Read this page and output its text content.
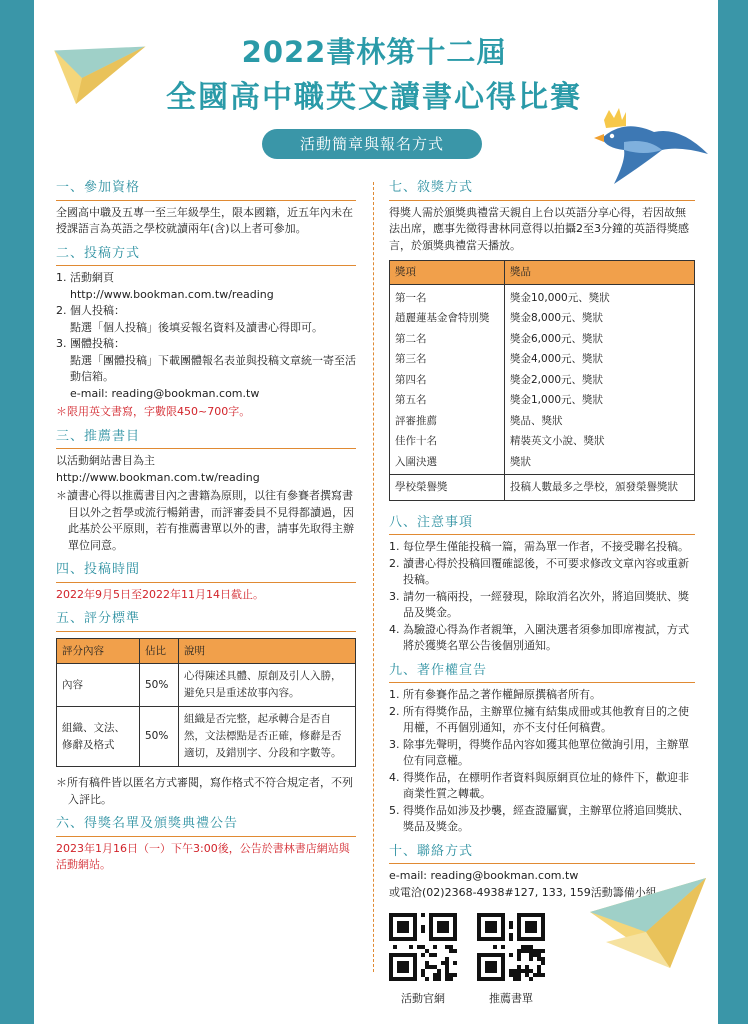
2022書林第十二屆
全國高中職英文讀書心得比賽
活動簡章與報名方式
一、參加資格

全國高中職及五專一至三年級學生，限本國籍，近五年內未在授課語言為英語之學校就讀兩年(含)以上者可參加。

二、投稿方式
1. 活動網頁
http://www.bookman.com.tw/reading
2. 個人投稿：
點選「個人投稿」後填妥報名資料及讀書心得即可。
3. 團體投稿：
點選「團體投稿」下載團體報名表並與投稿文章統一寄至活動信箱。
e-mail: reading@bookman.com.tw

＊限用英文書寫，字數限450~700字。

三、推薦書目

以活動網站書目為主

http://www.bookman.com.tw/reading

＊讀書心得以推薦書目內之書籍為原則，以往有參賽者撰寫書目以外之哲學或流行暢銷書，而評審委員不見得都讀過，因此基於公平原則，若有推薦書單以外的書，請事先取得主辦單位同意。

四、投稿時間

2022年9月5日至2022年11月14日截止。

五、評分標準
評分內容	佔比	說明
內容	50%	心得陳述具體、原創及引人入勝，避免只是重述故事內容。
組織、文法、修辭及格式	50%	組織是否完整，起承轉合是否自然，文法標點是否正確，修辭是否適切，及錯別字、分段和字數等。

＊所有稿件皆以匿名方式審閱，寫作格式不符合規定者，不列入評比。

六、得獎名單及頒獎典禮公告

2023年1月16日（一）下午3:00後，公告於書林書店網站與活動網站。

七、敘獎方式

得獎人需於頒獎典禮當天親自上台以英語分享心得，若因故無法出席，應事先徵得書林同意得以拍攝2至3分鐘的英語得獎感言，於頒獎典禮當天播放。

獎項	獎品
第一名	獎金10,000元、獎狀
趙麗蓮基金會特別獎	獎金8,000元、獎狀
第二名	獎金6,000元、獎狀
第三名	獎金4,000元、獎狀
第四名	獎金2,000元、獎狀
第五名	獎金1,000元、獎狀
評審推薦	獎品、獎狀
佳作十名	精裝英文小說、獎狀
入圍決選	獎狀
學校榮譽獎	投稿人數最多之學校，頒發榮譽獎狀
八、注意事項
1. 每位學生僅能投稿一篇，需為單一作者，不接受聯名投稿。
2. 讀書心得於投稿回覆確認後，不可要求修改文章內容或重新投稿。
3. 請勿一稿兩投，一經發現，除取消名次外，將追回獎狀、獎品及獎金。
4. 為驗證心得為作者親筆，入圍決選者須參加即席複試，方式將於獲獎名單公告後個別通知。
九、著作權宣告
1. 所有參賽作品之著作權歸原撰稿者所有。
2. 所有得獎作品，主辦單位擁有結集成冊或其他教育目的之使用權，不再個別通知，亦不支付任何稿費。
3. 除事先聲明，得獎作品內容如獲其他單位徵詢引用，主辦單位有同意權。
4. 得獎作品，在標明作者資料與原網頁位址的條件下，歡迎非商業性質之轉載。
5. 得獎作品如涉及抄襲，經查證屬實，主辦單位將追回獎狀、獎品及獎金。
十、聯絡方式

e-mail: reading@bookman.com.tw

或電洽(02)2368-4938#127, 133, 159活動籌備小組

活動官網	推薦書單
